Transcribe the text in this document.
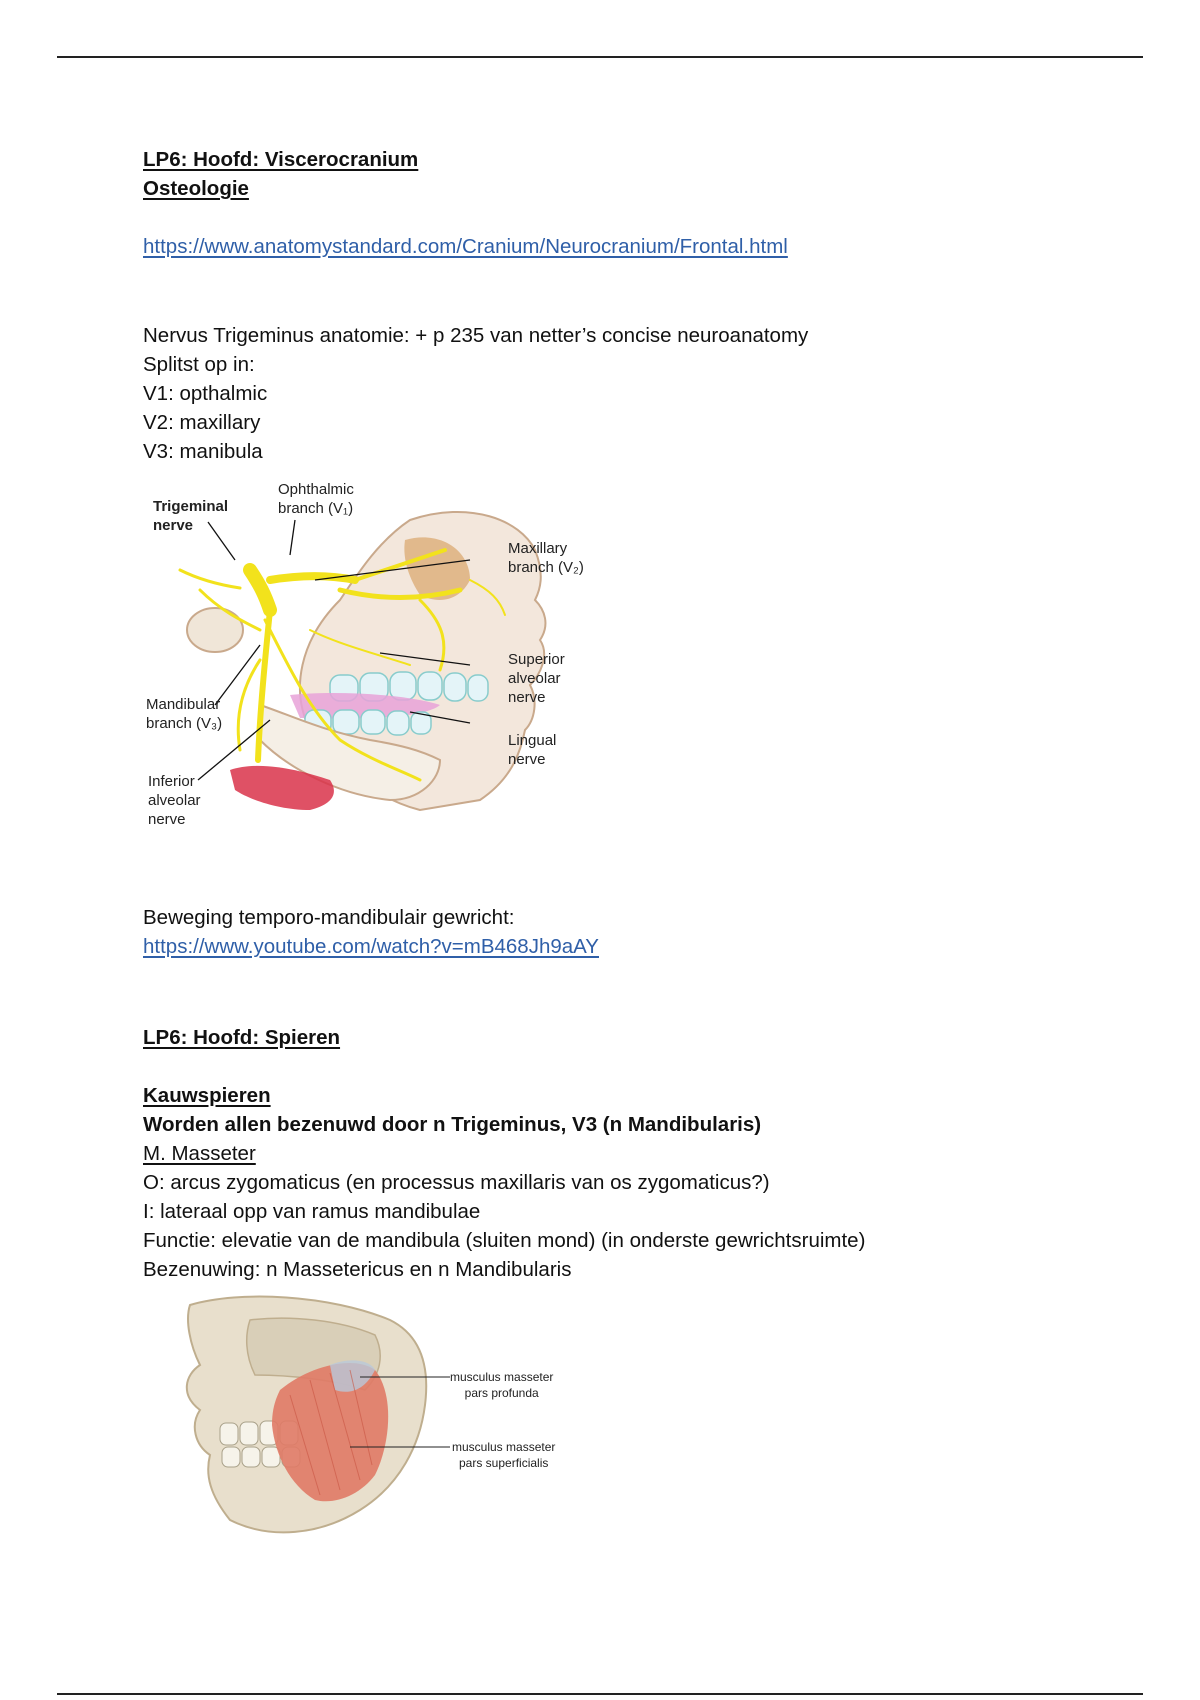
LP6: Hoofd: Viscerocranium
Osteologie
https://www.anatomystandard.com/Cranium/Neurocranium/Frontal.html
Nervus Trigeminus anatomie: + p 235 van netter’s concise neuroanatomy
Splitst op in:
V1: opthalmic
V2: maxillary
V3: manibula
Trigeminal
nerve
Ophthalmic
branch (V₁)
Maxillary
branch (V₂)
Superior
alveolar
nerve
Lingual
nerve
Mandibular
branch (V₃)
Inferior
alveolar
nerve
Beweging temporo-mandibulair gewricht:
https://www.youtube.com/watch?v=mB468Jh9aAY
LP6: Hoofd: Spieren
Kauwspieren
Worden allen bezenuwd door n Trigeminus, V3 (n Mandibularis)
M. Masseter
O: arcus zygomaticus (en processus maxillaris van os zygomaticus?)
I: lateraal opp van ramus mandibulae
Functie: elevatie van de mandibula (sluiten mond) (in onderste gewrichtsruimte)
Bezenuwing: n Massetericus en n Mandibularis
musculus masseter
pars profunda
musculus masseter
pars superficialis
